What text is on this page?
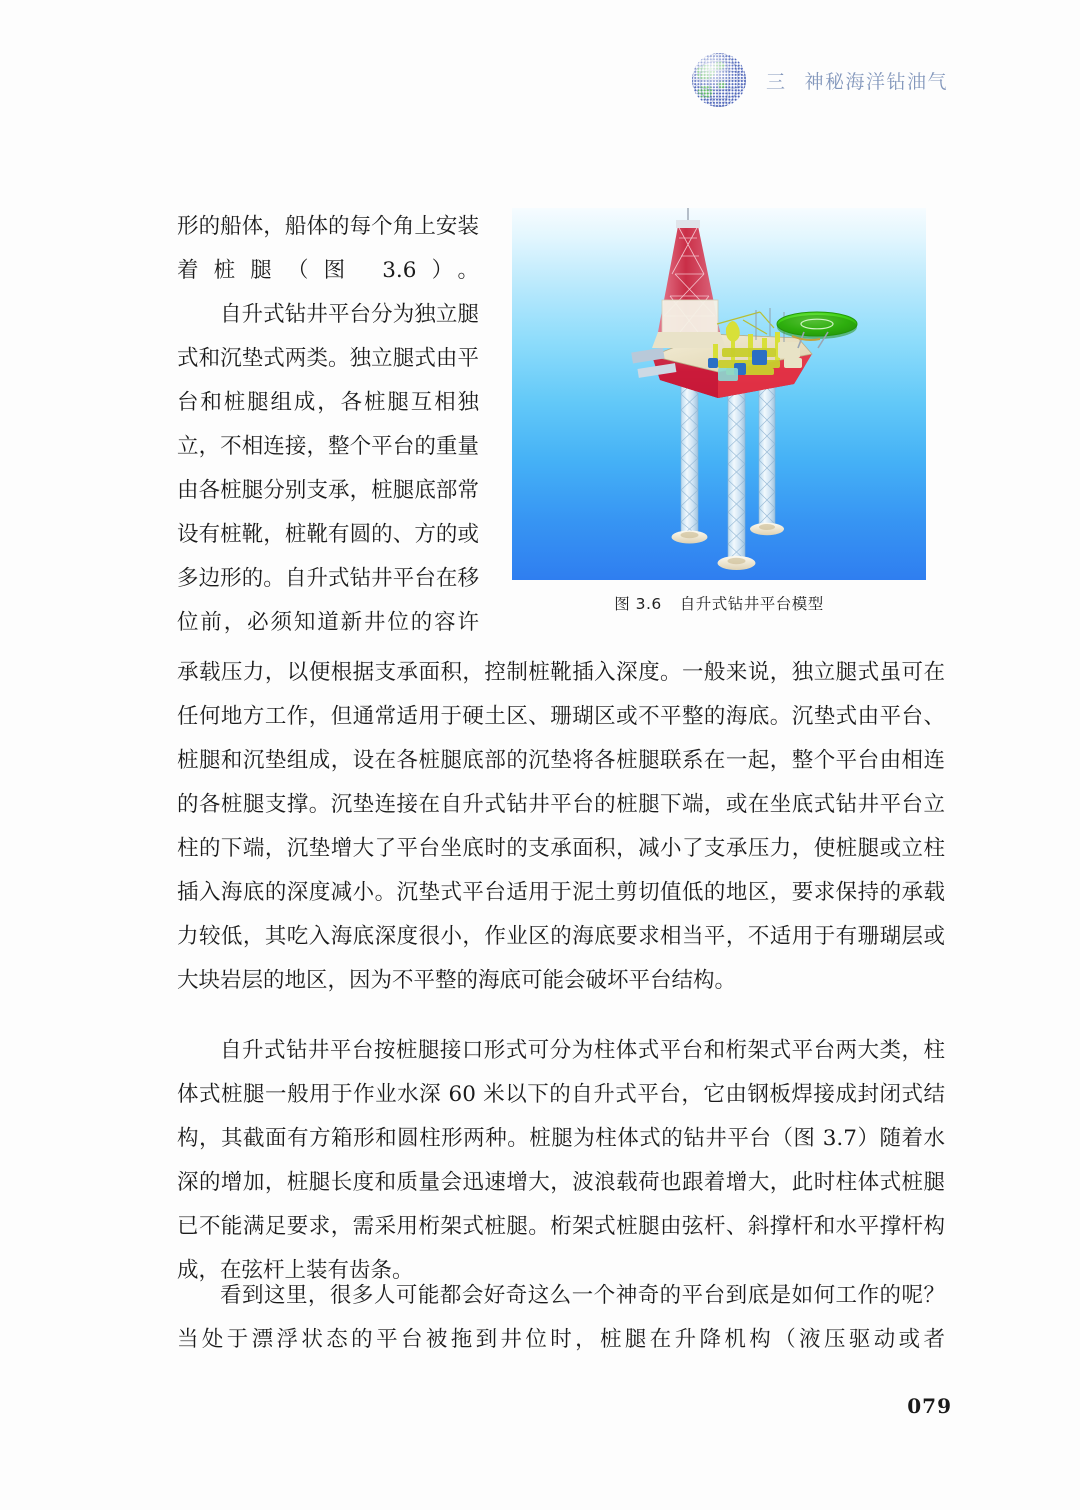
三 神秘海洋钻油气
图 3.6 自升式钻井平台模型

形的船体，船体的每个角上安装着桩腿（图 3.6）。

自升式钻井平台分为独立腿式和沉垫式两类。独立腿式由平台和桩腿组成，各桩腿互相独立，不相连接，整个平台的重量由各桩腿分别支承，桩腿底部常设有桩靴，桩靴有圆的、方的或多边形的。自升式钻井平台在移位前，必须知道新井位的容许

承载压力，以便根据支承面积，控制桩靴插入深度。一般来说，独立腿式虽可在任何地方工作，但通常适用于硬土区、珊瑚区或不平整的海底。沉垫式由平台、桩腿和沉垫组成，设在各桩腿底部的沉垫将各桩腿联系在一起，整个平台由相连的各桩腿支撑。沉垫连接在自升式钻井平台的桩腿下端，或在坐底式钻井平台立柱的下端，沉垫增大了平台坐底时的支承面积，减小了支承压力，使桩腿或立柱插入海底的深度减小。沉垫式平台适用于泥土剪切值低的地区，要求保持的承载力较低，其吃入海底深度很小，作业区的海底要求相当平，不适用于有珊瑚层或大块岩层的地区，因为不平整的海底可能会破坏平台结构。

自升式钻井平台按桩腿接口形式可分为柱体式平台和桁架式平台两大类，柱体式桩腿一般用于作业水深 60 米以下的自升式平台，它由钢板焊接成封闭式结构，其截面有方箱形和圆柱形两种。桩腿为柱体式的钻井平台（图 3.7）随着水深的增加，桩腿长度和质量会迅速增大，波浪载荷也跟着增大，此时柱体式桩腿已不能满足要求，需采用桁架式桩腿。桁架式桩腿由弦杆、斜撑杆和水平撑杆构成，在弦杆上装有齿条。

看到这里，很多人可能都会好奇这么一个神奇的平台到底是如何工作的呢？当处于漂浮状态的平台被拖到井位时，桩腿在升降机构（液压驱动或者

079
